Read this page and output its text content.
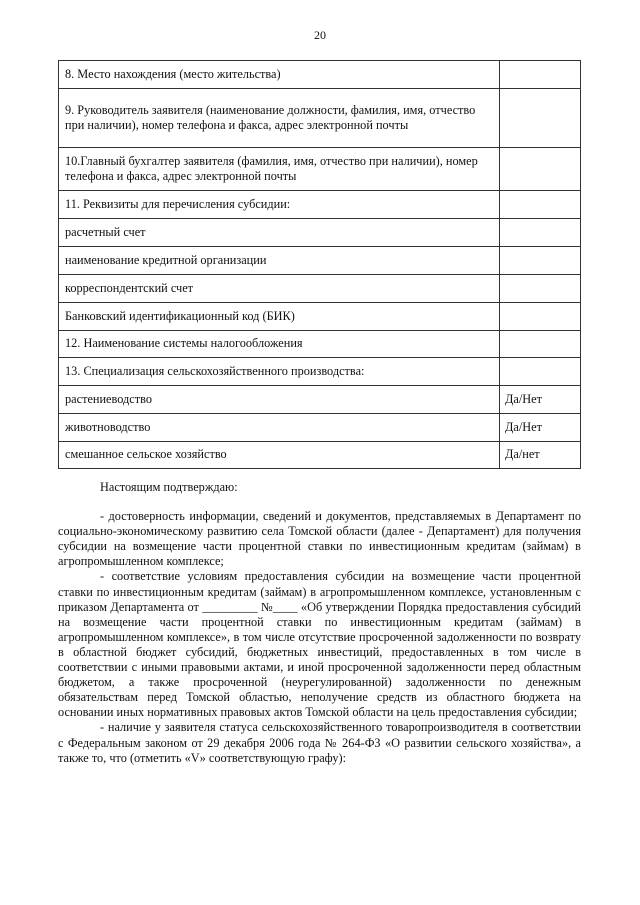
20
8. Место нахождения (место жительства)	
9. Руководитель заявителя (наименование должности, фамилия, имя, отчество при наличии), номер телефона и факса, адрес электронной почты	
10.Главный бухгалтер заявителя (фамилия, имя, отчество при наличии), номер телефона и факса, адрес электронной почты	
11. Реквизиты для перечисления субсидии:	
расчетный счет	
наименование кредитной организации	
корреспондентский счет	
Банковский идентификационный код (БИК)	
12. Наименование системы налогообложения	
13. Специализация сельскохозяйственного производства:	
растениеводство	Да/Нет
животноводство	Да/Нет
смешанное сельское хозяйство	Да/нет

Настоящим подтверждаю:

- достоверность информации, сведений и документов, представляемых в Департамент по социально-экономическому развитию села Томской области (далее - Департамент) для получения субсидии на возмещение части процентной ставки по инвестиционным кредитам (займам) в агропромышленном комплексе;

- соответствие условиям предоставления субсидии на возмещение части процентной ставки по инвестиционным кредитам (займам) в агропромышленном комплексе, установленным с приказом Департамента от _________ №____ «Об утверждении Порядка предоставления субсидий на возмещение части процентной ставки по инвестиционным кредитам (займам) в агропромышленном комплексе», в том числе отсутствие просроченной задолженности по возврату в областной бюджет субсидий, бюджетных инвестиций, предоставленных в том числе в соответствии с иными правовыми актами, и иной просроченной задолженности перед областным бюджетом, а также просроченной (неурегулированной) задолженности по денежным обязательствам перед Томской областью, неполучение средств из областного бюджета на основании иных нормативных правовых актов Томской области на цель предоставления субсидии;

- наличие у заявителя статуса сельскохозяйственного товаропроизводителя в соответствии с Федеральным законом от 29 декабря 2006 года № 264-ФЗ «О развитии сельского хозяйства», а также то, что (отметить «V» соответствующую графу):
